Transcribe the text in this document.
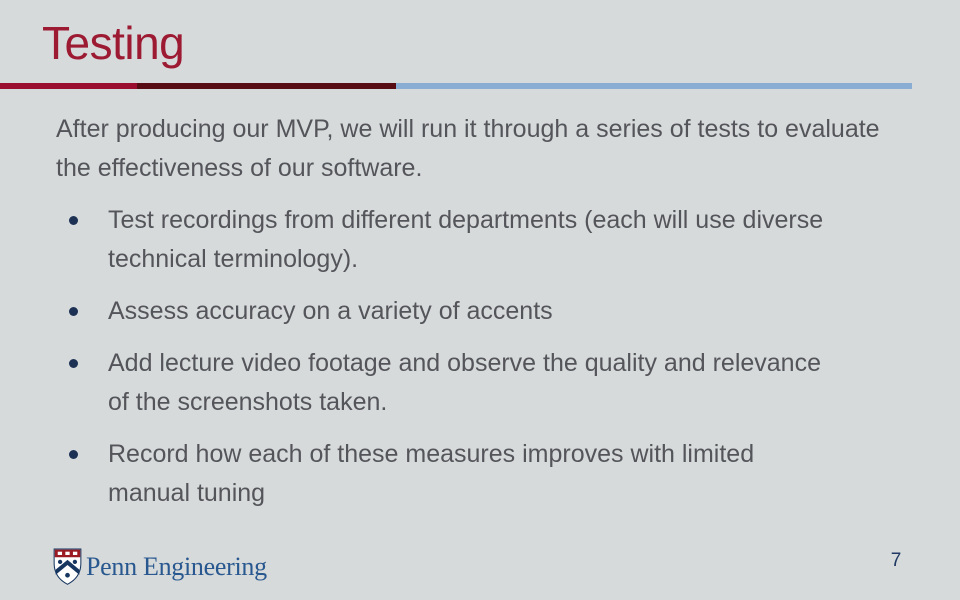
Testing

After producing our MVP, we will run it through a series of tests to evaluate the effectiveness of our software.

Test recordings from different departments (each will use diverse technical terminology).
Assess accuracy on a variety of accents
Add lecture video footage and observe the quality and relevance of the screenshots taken.
Record how each of these measures improves with limited manual tuning
Penn Engineering	7
